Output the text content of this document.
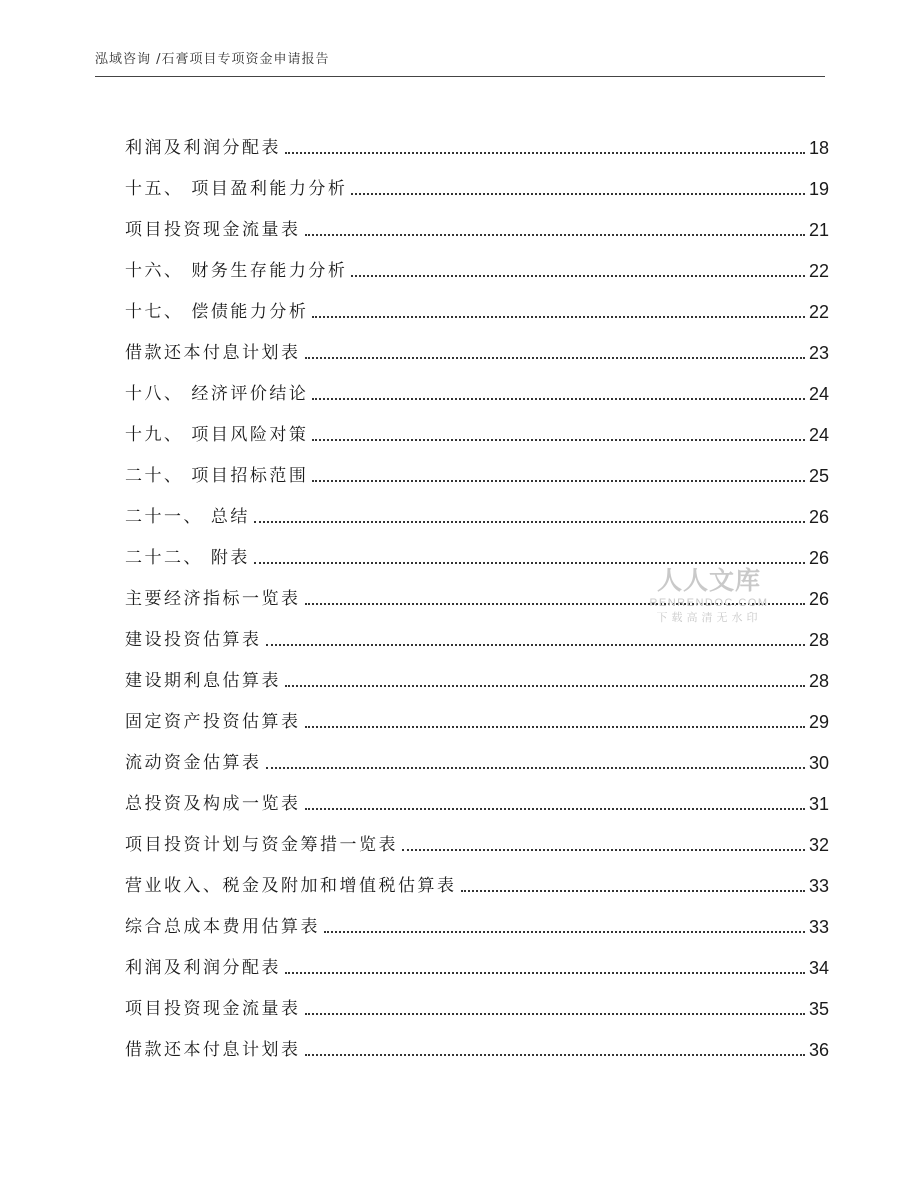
泓域咨询 /石膏项目专项资金申请报告
利润及利润分配表	18
十五、 项目盈利能力分析	19
项目投资现金流量表	21
十六、 财务生存能力分析	22
十七、 偿债能力分析	22
借款还本付息计划表	23
十八、 经济评价结论	24
十九、 项目风险对策	24
二十、 项目招标范围	25
二十一、 总结	26
二十二、 附表	26
主要经济指标一览表	26
建设投资估算表	28
建设期利息估算表	28
固定资产投资估算表	29
流动资金估算表	30
总投资及构成一览表	31
项目投资计划与资金筹措一览表	32
营业收入、税金及附加和增值税估算表	33
综合总成本费用估算表	33
利润及利润分配表	34
项目投资现金流量表	35
借款还本付息计划表	36
人人文库
RENRENDOC.COM
下载高清无水印
